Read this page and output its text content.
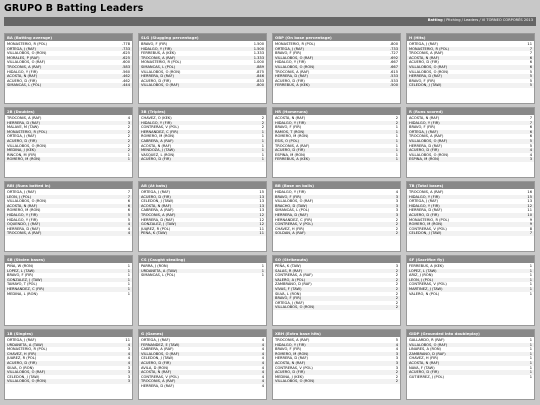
GRUPO B Batting Leaders
Batting / Pitching / Leaders / VI TORNEO CORPORÉS 2013
BA (Batting average)
MONASTERIO, R (POL)	.778
ORTEGA, J (RAF)	.733
VILLALOBOS, O (RON)	.625
MORALES, P (RAF)	.625
VILLALOBOS, O (RAF)	.600
TROCONIS, A (RAF)	.583
HIDALGO, Y (FIR)	.560
ACOSTA, N (RAF)	.462
ACUERO, D (FIR)	.462
SIMANCAS, L (POL)	.444
SLG (Slugging percentage)
BRAVO, F (FIR)	1.500
HIDALGO, Y (FIR)	1.500
FERREBUS, A (KEK)	1.333
TROCONIS, A (RAF)	1.333
MONASTERIO, R (POL)	1.000
SIMANCAS, L (POL)	.889
VILLALOBOS, O (RON)	.875
HERRERA, D (RAF)	.846
ACUERO, D (FIR)	.833
VILLALOBOS, O (RAF)	.800
OBP (On base percentage)
MONASTERIO, R (POL)	.800
ORTEGA, J (RAF)	.733
BRAVO, F (FIR)	.727
VILLALOBOS, O (RAF)	.692
HIDALGO, Y (FIR)	.667
VILLALOBOS, O (RON)	.667
TROCONIS, A (RAF)	.615
HERRERA, D (RAF)	.533
ACUERO, D (FIR)	.533
FERREBUS, A (KEK)	.500
H (Hits)
ORTEGA, J (RAF)	11
MONASTERIO, R (POL)	7
TROCONIS, A (RAF)	7
ACOSTA, N (RAF)	6
ACUERO, D (FIR)	6
VILLALOBOS, O (RAF)	6
VILLALOBOS, O (RON)	5
HERRERA, D (RAF)	5
BRAVO, F (FIR)	5
CELEDON, J (TAW)	5
2B (Doubles)
TROCONIS, A (RAF)	4
HERRERA, D (RAF)	3
MALAVE, M (TAW)	2
MONASTERIO, R (POL)	2
ORTEGA, J (RAF)	2
ACUERO, D (FIR)	2
VILLALOBOS, O (RON)	2
MEDINA, J (KEK)	2
RINCON, M (FIR)	1
ROMERO, M (RON)	1
3B (Triples)
CHAVEZ, O (KEK)	2
HIDALGO, Y (FIR)	2
CONTRERAS, V (POL)	2
HERNANDEZ, C (FIR)	1
ROMERO, M (RON)	1
CABRERA, A (RAF)	1
ACOSTA, N (RAF)	1
MENDOZA, J (TAW)	1
VASQUEZ, L (RON)	1
ACUERO, D (FIR)	1
HR (Homeruns)
ACOSTA, N (RAF)	2
HIDALGO, Y (FIR)	2
BRAVO, F (FIR)	1
RAMOS, T (RON)	1
ROMERO, M (RON)	1
ESIS, O (POL)	1
TROCONIS, A (RAF)	1
ACUERO, D (FIR)	1
ESPINA, M (RON)	1
FERREBUS, A (KEK)	1
R (Runs scored)
ACOSTA, N (RAF)	7
HIDALGO, Y (FIR)	7
BRAVO, F (FIR)	6
ORTEGA, J (RAF)	6
TROCONIS, A (RAF)	6
VILLALOBOS, O (RAF)	5
HERRERA, D (RAF)	5
ACUERO, D (FIR)	4
VILLALOBOS, O (RON)	4
ESPINA, M (RON)	3
RBI (Runs batted in)
ORTEGA, J (RAF)	7
LEON, J (POL)	7
VILLALOBOS, O (RON)	6
ACOSTA, N (RAF)	6
ROMERO, M (RON)	6
HIDALGO, Y (FIR)	5
HIDALGO, Y (FIR)	5
OQUENDO, J (RAF)	4
HERRERA, D (RAF)	4
TROCONIS, A (RAF)	4
AB (At bats)
ORTEGA, J (RAF)	15
ACUERO, D (FIR)	13
CELEDON, J (TAW)	13
ACOSTA, N (RAF)	13
CABRERA, A (RAF)	13
TROCONIS, A (RAF)	12
HERRERA, D (RAF)	12
GONZALEZ, J (TAW)	12
JUAREZ, R (POL)	11
PEÑA, K (TAW)	11
BB (Base on balls)
HIDALGO, Y (FIR)	4
BRAVO, F (FIR)	3
VILLALOBOS, O (RAF)	3
BRACHO, D (TAW)	3
SIMANCAS, L (POL)	3
HERRERA, D (RAF)	3
HERNANDEZ, C (FIR)	2
CONTRERAS, V (POL)	2
CHAVEZ, H (FIR)	2
SOLDAN, A (RAF)	2
TB (Total bases)
TROCONIS, A (RAF)	16
HIDALGO, Y (FIR)	15
ORTEGA, J (RAF)	13
HIDALGO, Y (FIR)	12
HERRERA, D (RAF)	11
ACUERO, D (FIR)	10
MONASTERIO, R (POL)	9
ROMERO, M (RON)	9
CONTRERAS, V (POL)	8
CELEDON, J (TAW)	7
SB (Stolen bases)
PIÑA, W (RON)	1
LOPEZ, L (TAW)	1
BRAVO, F (FIR)	1
GONZALEZ, J (TAW)	1
TAMAYO, T (POL)	1
HERNANDEZ, C (FIR)	1
MEDINA, L (RON)	1
CS (Caught stealing)
PARRA, J (RON)	1
URDANETA, A (TAW)	1
SIMANCAS, L (POL)	1
SO (Strikeouts)
PEÑA, K (TAW)	3
SALAS, R (RAF)	2
CONTRERAS, A (RAF)	2
VALERO, A (POL)	2
ZAMBRANO, D (RAF)	2
VIVAS, F (TAW)	2
SILVA, L (RON)	2
BRAVO, F (FIR)	2
ORTEGA, J (RAF)	2
VILLALOBOS, O (RON)	2
SF (Sacrifice fly)
FERREBUS, A (KEK)	1
LOPEZ, L (TAW)	1
ARIZ, J (RON)	1
LEON, J (POL)	1
CONTRERAS, V (POL)	1
MARTINEZ, J (TAW)	1
VALERO, N (POL)	1
1B (Singles)
ORTEGA, J (RAF)	11
URDANETA, A (TAW)	4
MONASTERIO, R (POL)	3
CHAVEZ, H (FIR)	4
JUAREZ, R (POL)	4
ACUERO, D (FIR)	4
SILVA, O (RON)	3
VILLALOBOS, O (RAF)	3
CELEDON, J (TAW)	3
VILLALOBOS, O (RON)	3
G (Games)
ORTEGA, J (RAF)	4
FERNANDEZ, E (TAW)	4
CABRERA, A (RAF)	4
VILLALOBOS, O (RAF)	4
CELEDON, J (TAW)	4
ACUERO, D (FIR)	4
AVILA, D (RON)	4
ACOSTA, N (RAF)	4
CONTRERAS, V (POL)	4
TROCONIS, A (RAF)	4
HERRERA, D (RAF)	4
XBH (Extra base hits)
TROCONIS, A (RAF)	5
HIDALGO, Y (FIR)	4
BRAVO, F (FIR)	4
ROMERO, M (RON)	3
HERRERA, D (RAF)	3
ACOSTA, N (RAF)	3
CONTRERAS, V (POL)	3
ACUERO, D (FIR)	2
MEDINA, J (KEK)	2
VILLALOBOS, O (RON)	2
GIDP (Grounded into doubleplay)
GALLARDO, R (RAF)	1
VILLALOBOS, O (RAF)	1
LINARES, A (RON)	1
ZAMBRANO, D (RAF)	1
CHAVEZ, H (FIR)	1
ACOSTA, N (RAF)	1
NAVA, F (TAW)	1
ACUERO, D (FIR)	1
GUTIERREZ, J (POL)	1
